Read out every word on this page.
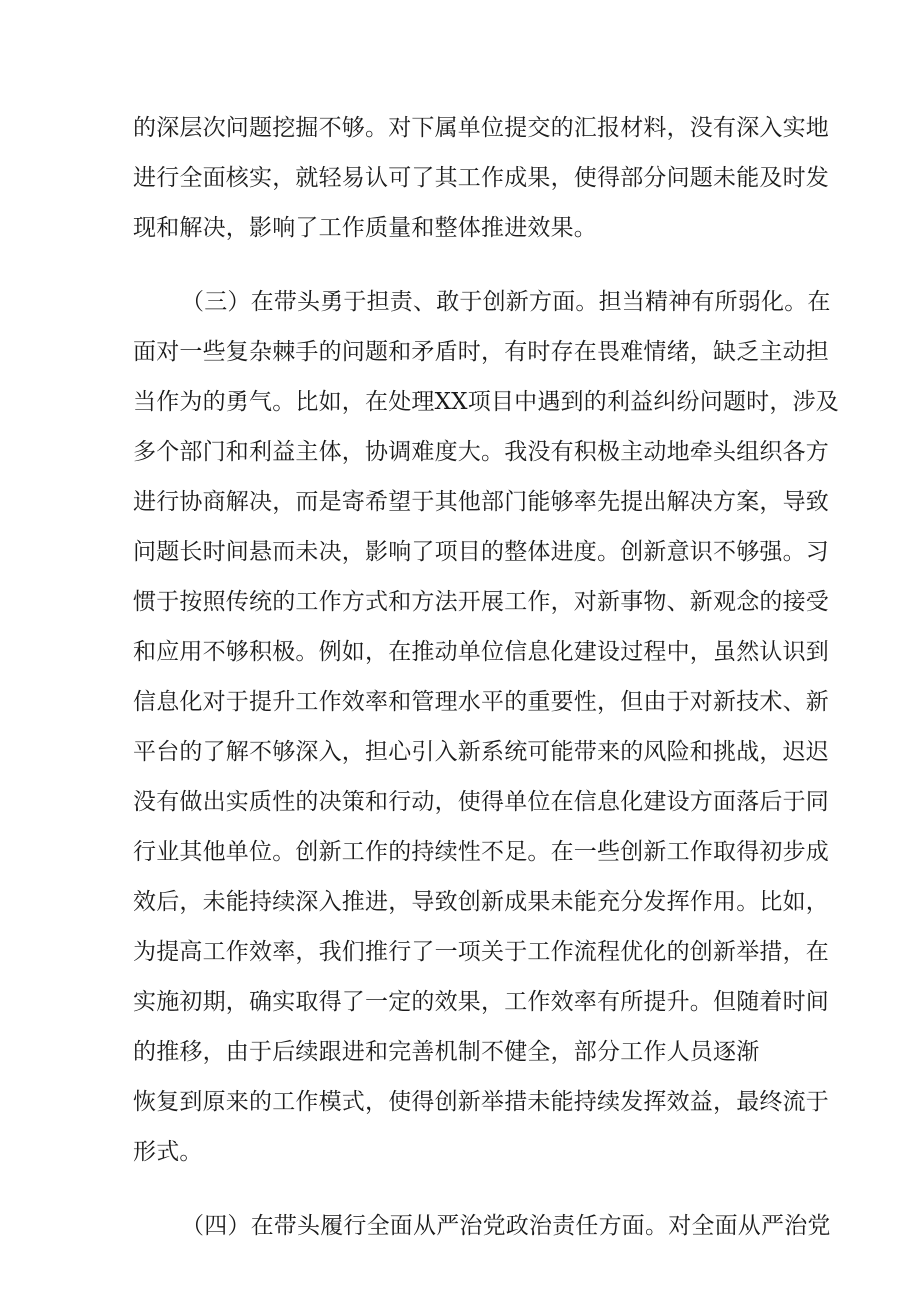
的深层次问题挖掘不够。对下属单位提交的汇报材料，没有深入实地
进行全面核实，就轻易认可了其工作成果，使得部分问题未能及时发
现和解决，影响了工作质量和整体推进效果。
（三）在带头勇于担责、敢于创新方面。担当精神有所弱化。在
面对一些复杂棘手的问题和矛盾时，有时存在畏难情绪，缺乏主动担
当作为的勇气。比如，在处理XX项目中遇到的利益纠纷问题时，涉及
多个部门和利益主体，协调难度大。我没有积极主动地牵头组织各方
进行协商解决，而是寄希望于其他部门能够率先提出解决方案，导致
问题长时间悬而未决，影响了项目的整体进度。创新意识不够强。习
惯于按照传统的工作方式和方法开展工作，对新事物、新观念的接受
和应用不够积极。例如，在推动单位信息化建设过程中，虽然认识到
信息化对于提升工作效率和管理水平的重要性，但由于对新技术、新
平台的了解不够深入，担心引入新系统可能带来的风险和挑战，迟迟
没有做出实质性的决策和行动，使得单位在信息化建设方面落后于同
行业其他单位。创新工作的持续性不足。在一些创新工作取得初步成
效后，未能持续深入推进，导致创新成果未能充分发挥作用。比如，
为提高工作效率，我们推行了一项关于工作流程优化的创新举措，在
实施初期，确实取得了一定的效果，工作效率有所提升。但随着时间
的推移，由于后续跟进和完善机制不健全，部分工作人员逐渐
恢复到原来的工作模式，使得创新举措未能持续发挥效益，最终流于
形式。
（四）在带头履行全面从严治党政治责任方面。对全面从严治党
